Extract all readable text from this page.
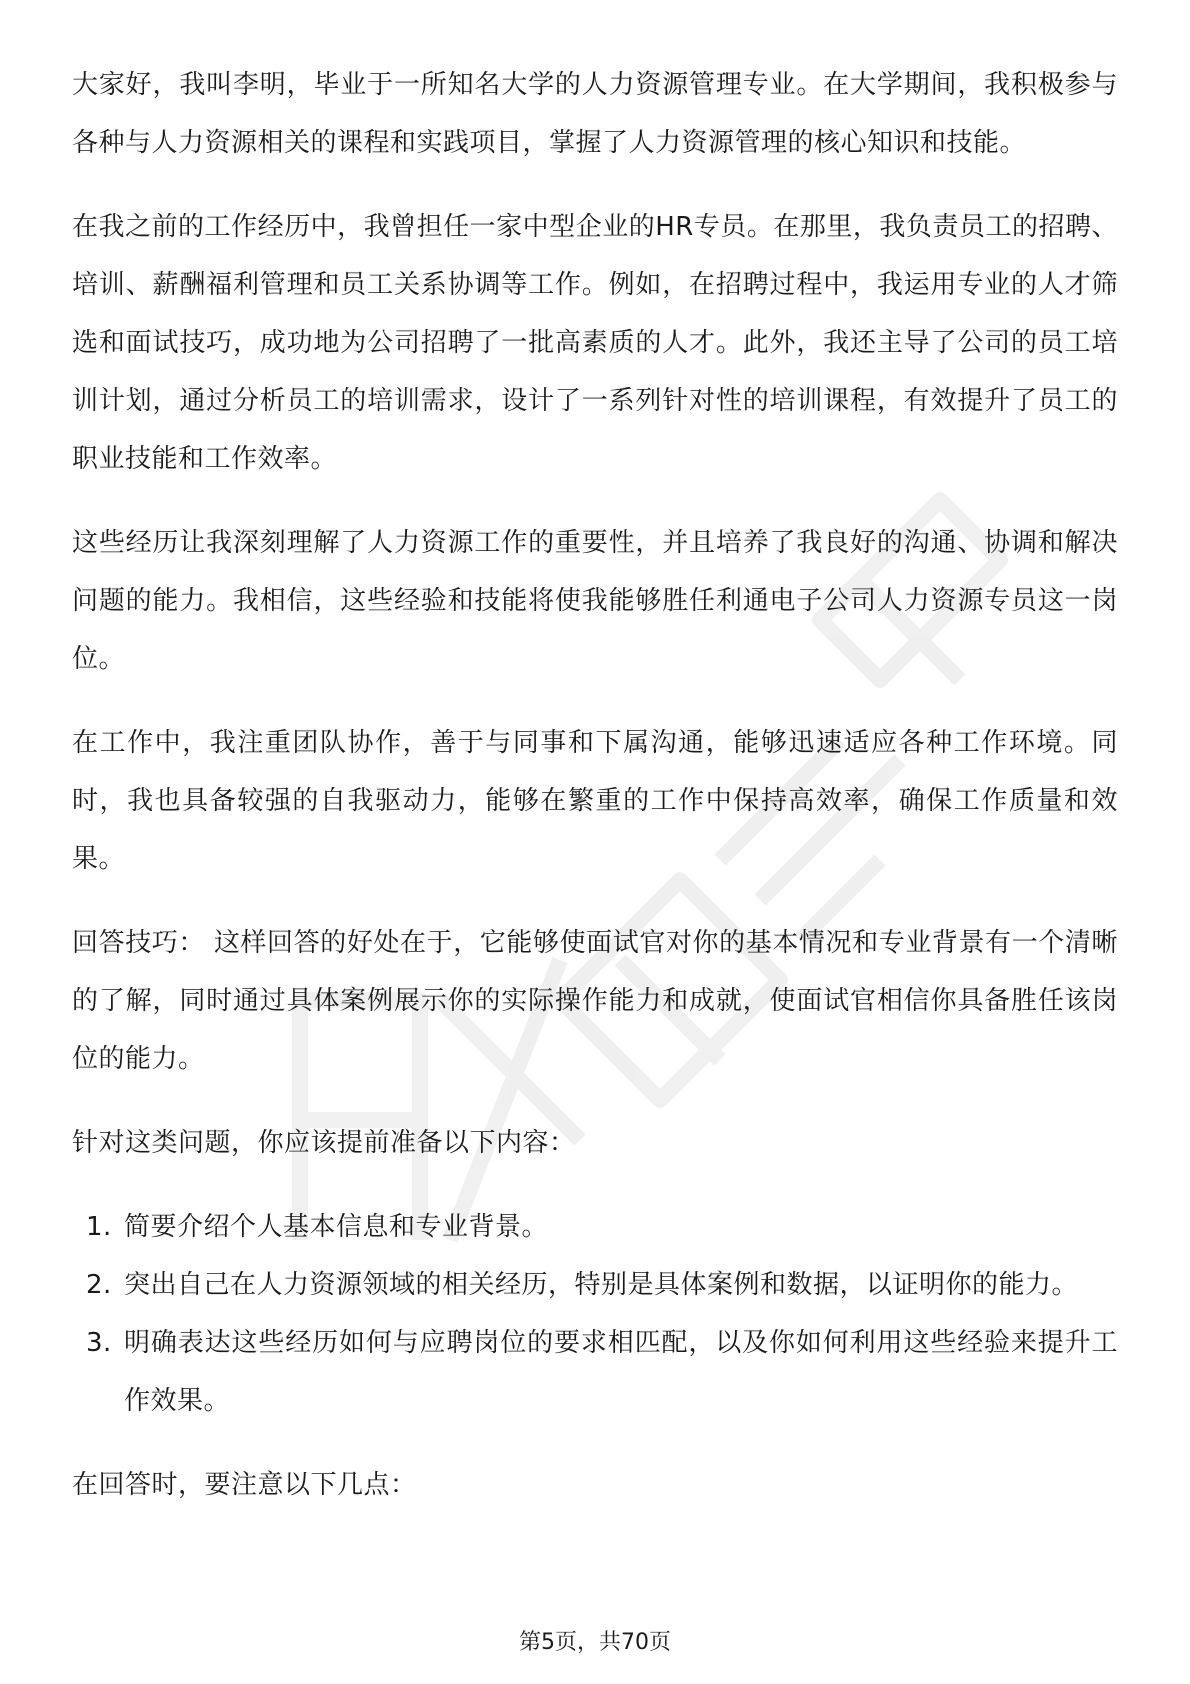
大家好，我叫李明，毕业于一所知名大学的人力资源管理专业。在大学期间，我积极参与各种与人力资源相关的课程和实践项目，掌握了人力资源管理的核心知识和技能。

在我之前的工作经历中，我曾担任一家中型企业的HR专员。在那里，我负责员工的招聘、培训、薪酬福利管理和员工关系协调等工作。例如，在招聘过程中，我运用专业的人才筛选和面试技巧，成功地为公司招聘了一批高素质的人才。此外，我还主导了公司的员工培训计划，通过分析员工的培训需求，设计了一系列针对性的培训课程，有效提升了员工的职业技能和工作效率。

这些经历让我深刻理解了人力资源工作的重要性，并且培养了我良好的沟通、协调和解决问题的能力。我相信，这些经验和技能将使我能够胜任利通电子公司人力资源专员这一岗位。

在工作中，我注重团队协作，善于与同事和下属沟通，能够迅速适应各种工作环境。同时，我也具备较强的自我驱动力，能够在繁重的工作中保持高效率，确保工作质量和效果。

回答技巧： 这样回答的好处在于，它能够使面试官对你的基本情况和专业背景有一个清晰的了解，同时通过具体案例展示你的实际操作能力和成就，使面试官相信你具备胜任该岗位的能力。

针对这类问题，你应该提前准备以下内容：

1. 简要介绍个人基本信息和专业背景。
2. 突出自己在人力资源领域的相关经历，特别是具体案例和数据，以证明你的能力。
3. 明确表达这些经历如何与应聘岗位的要求相匹配，以及你如何利用这些经验来提升工作效果。

在回答时，要注意以下几点：

第5页，共70页
